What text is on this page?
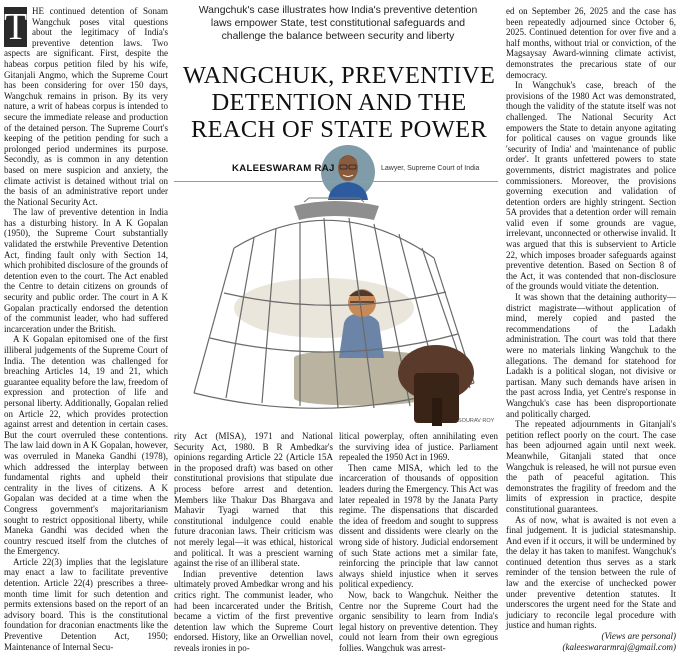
Wangchuk's case illustrates how India's preventive detention laws empower State, test constitutional safeguards and challenge the balance between security and liberty
WANGCHUK, PREVENTIVE DETENTION AND THE REACH OF STATE POWER
KALEESWARAM RAJ	Lawyer, Supreme Court of India
SOURAV ROY
T HE continued detention of Sonam Wangchuk poses vital questions about the legitimacy of India's preventive detention laws. Two aspects are significant. First, despite the habeas corpus petition filed by his wife, Gitanjali Angmo, which the Supreme Court has been considering for over 150 days, Wangchuk remains in prison. By its very nature, a writ of habeas corpus is intended to secure the immediate release and production of the detained person. The Supreme Court's keeping of the petition pending for such a prolonged period undermines its purpose. Secondly, as is common in any detention based on mere suspicion and anxiety, the climate activist is detained without trial on the basis of an administrative report under the National Security Act.

The law of preventive detention in India has a disturbing history. In A K Gopalan (1950), the Supreme Court substantially validated the erstwhile Preventive Detention Act, finding fault only with Section 14, which prohibited disclosure of the grounds of detention even to the court. The Act enabled the Centre to detain citizens on grounds of security and public order. The court in A K Gopalan practically endorsed the detention of the communist leader, who had suffered incarceration under the British.

A K Gopalan epitomised one of the first illiberal judgements of the Supreme Court of India. The detention was challenged for breaching Articles 14, 19 and 21, which guarantee equality before the law, freedom of expression and protection of life and personal liberty. Additionally, Gopalan relied on Article 22, which provides protection against arrest and detention in certain cases. But the court overruled these contentions. The law laid down in A K Gopalan, however, was overruled in Maneka Gandhi (1978), which addressed the interplay between fundamental rights and upheld their centrality in the lives of citizens. A K Gopalan was decided at a time when the Congress government's majoritarianism sought to restrict oppositional liberty, while Maneka Gandhi was decided when the country rescued itself from the clutches of the Emergency.

Article 22(3) implies that the legislature may enact a law to facilitate preventive detention. Article 22(4) prescribes a three-month time limit for such detention and permits extensions based on the report of an advisory board. This is the constitutional foundation for draconian enactments like the Preventive Detention Act, 1950; Maintenance of Internal Secu-

rity Act (MISA), 1971 and National Security Act, 1980. B R Ambedkar's opinions regarding Article 22 (Article 15A in the proposed draft) was based on other constitutional provisions that stipulate due process before arrest and detention. Members like Thakur Das Bhargava and Mahavir Tyagi warned that this constitutional indulgence could enable future draconian laws. Their criticism was not merely legal—it was ethical, historical and political. It was a prescient warning against the rise of an illiberal state.

Indian preventive detention laws ultimately proved Ambedkar wrong and his critics right. The communist leader, who had been incarcerated under the British, became a victim of the first preventive detention law which the Supreme Court endorsed. History, like an Orwellian novel, reveals ironies in po-

litical powerplay, often annihilating even the surviving idea of justice. Parliament repealed the 1950 Act in 1969.

Then came MISA, which led to the incarceration of thousands of opposition leaders during the Emergency. This Act was later repealed in 1978 by the Janata Party regime. The dispensations that discarded the idea of freedom and sought to suppress dissent and dissidents were clearly on the wrong side of history. Judicial endorsement of such State actions met a similar fate, reinforcing the principle that law cannot always shield injustice when it serves political expediency.

Now, back to Wangchuk. Neither the Centre nor the Supreme Court had the organic sensibility to learn from India's legal history on preventive detention. They could not learn from their own egregious follies. Wangchuk was arrest-

ed on September 26, 2025 and the case has been repeatedly adjourned since October 6, 2025. Continued detention for over five and a half months, without trial or conviction, of the Magsaysay Award-winning climate activist, demonstrates the precarious state of our democracy.

In Wangchuk's case, breach of the provisions of the 1980 Act was demonstrated, though the validity of the statute itself was not challenged. The National Security Act empowers the State to detain anyone agitating for political causes on vague grounds like 'security of India' and 'maintenance of public order'. It grants unfettered powers to state governments, district magistrates and police commissioners. Moreover, the provisions governing execution and validation of detention orders are highly stringent. Section 5A provides that a detention order will remain valid even if some grounds are vague, irrelevant, unconnected or otherwise invalid. It was argued that this is subservient to Article 22, which imposes broader safeguards against preventive detention. Based on Section 8 of the Act, it was contended that non-disclosure of the grounds would vitiate the detention.

It was shown that the detaining authority—district magistrate—without application of mind, merely copied and pasted the recommendations of the Ladakh administration. The court was told that there were no materials linking Wangchuk to the allegations. The demand for statehood for Ladakh is a political slogan, not divisive or partisan. Many such demands have arisen in the past across India, yet Centre's response in Wangchuk's case has been disproportionate and politically charged.

The repeated adjournments in Gitanjali's petition reflect poorly on the court. The case has been adjourned again until next week. Meanwhile, Gitanjali stated that once Wangchuk is released, he will not pursue even the path of peaceful agitation. This demonstrates the fragility of freedom and the limits of expression in practice, despite constitutional guarantees.

As of now, what is awaited is not even a final judgement. It is judicial statesmanship. And even if it occurs, it will be undermined by the delay it has taken to manifest. Wangchuk's continued detention thus serves as a stark reminder of the tension between the rule of law and the exercise of unchecked power under preventive detention statutes. It underscores the urgent need for the State and judiciary to reconcile legal procedure with justice and human rights.

(Views are personal)
(kaleeswararmraj@gmail.com)
